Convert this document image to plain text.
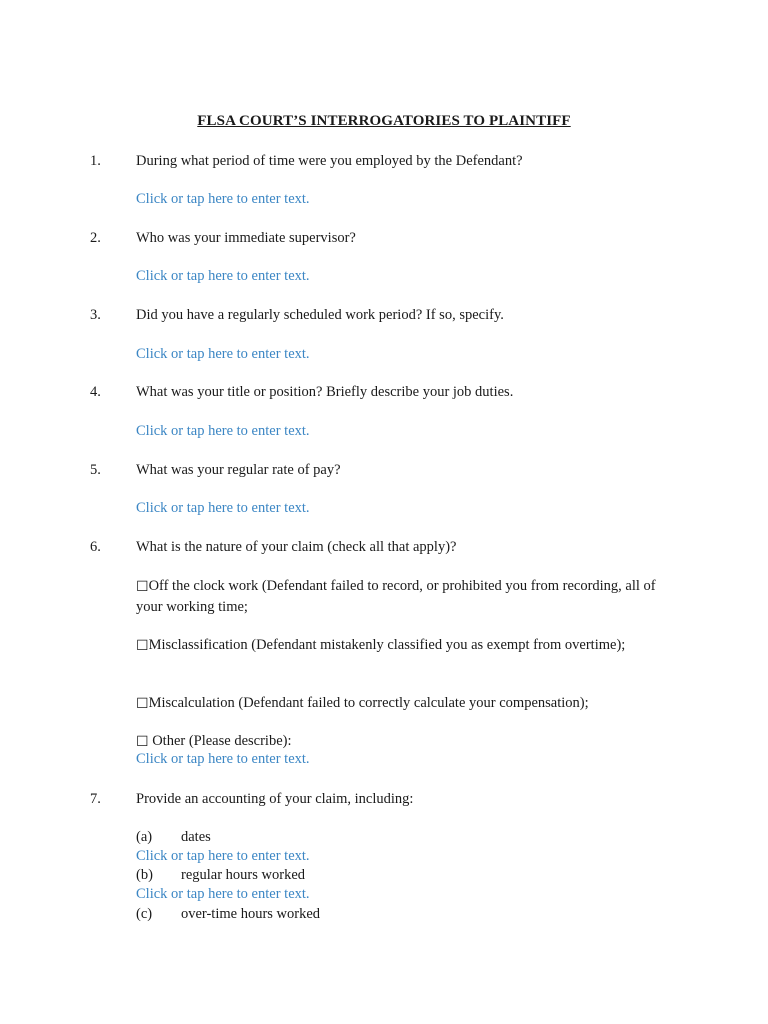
FLSA COURT’S INTERROGATORIES TO PLAINTIFF
1. During what period of time were you employed by the Defendant?
Click or tap here to enter text.
2. Who was your immediate supervisor?
Click or tap here to enter text.
3. Did you have a regularly scheduled work period? If so, specify.
Click or tap here to enter text.
4. What was your title or position? Briefly describe your job duties.
Click or tap here to enter text.
5. What was your regular rate of pay?
Click or tap here to enter text.
6. What is the nature of your claim (check all that apply)?
☐Off the clock work (Defendant failed to record, or prohibited you from recording, all of your working time;
☐Misclassification (Defendant mistakenly classified you as exempt from overtime);
☐Miscalculation (Defendant failed to correctly calculate your compensation);
☐ Other (Please describe):
Click or tap here to enter text.
7. Provide an accounting of your claim, including:
(a) dates
Click or tap here to enter text.
(b) regular hours worked
Click or tap here to enter text.
(c) over-time hours worked
